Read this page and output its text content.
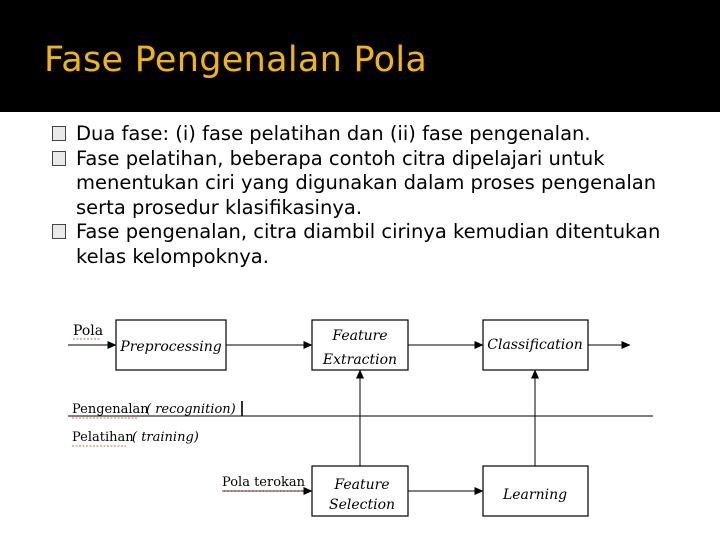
Fase Pengenalan Pola
Dua fase: (i) fase pelatihan dan (ii) fase pengenalan.
Fase pelatihan, beberapa contoh citra dipelajari untuk menentukan ciri yang digunakan dalam proses pengenalan serta prosedur klasifikasinya.
Fase pengenalan, citra diambil cirinya kemudian ditentukan kelas kelompoknya.
Preprocessing
Feature
Extraction
Classification
Feature
Selection
Learning
Pola
Pengenalan
( recognition)
Pelatihan
( training)
Pola terokan
